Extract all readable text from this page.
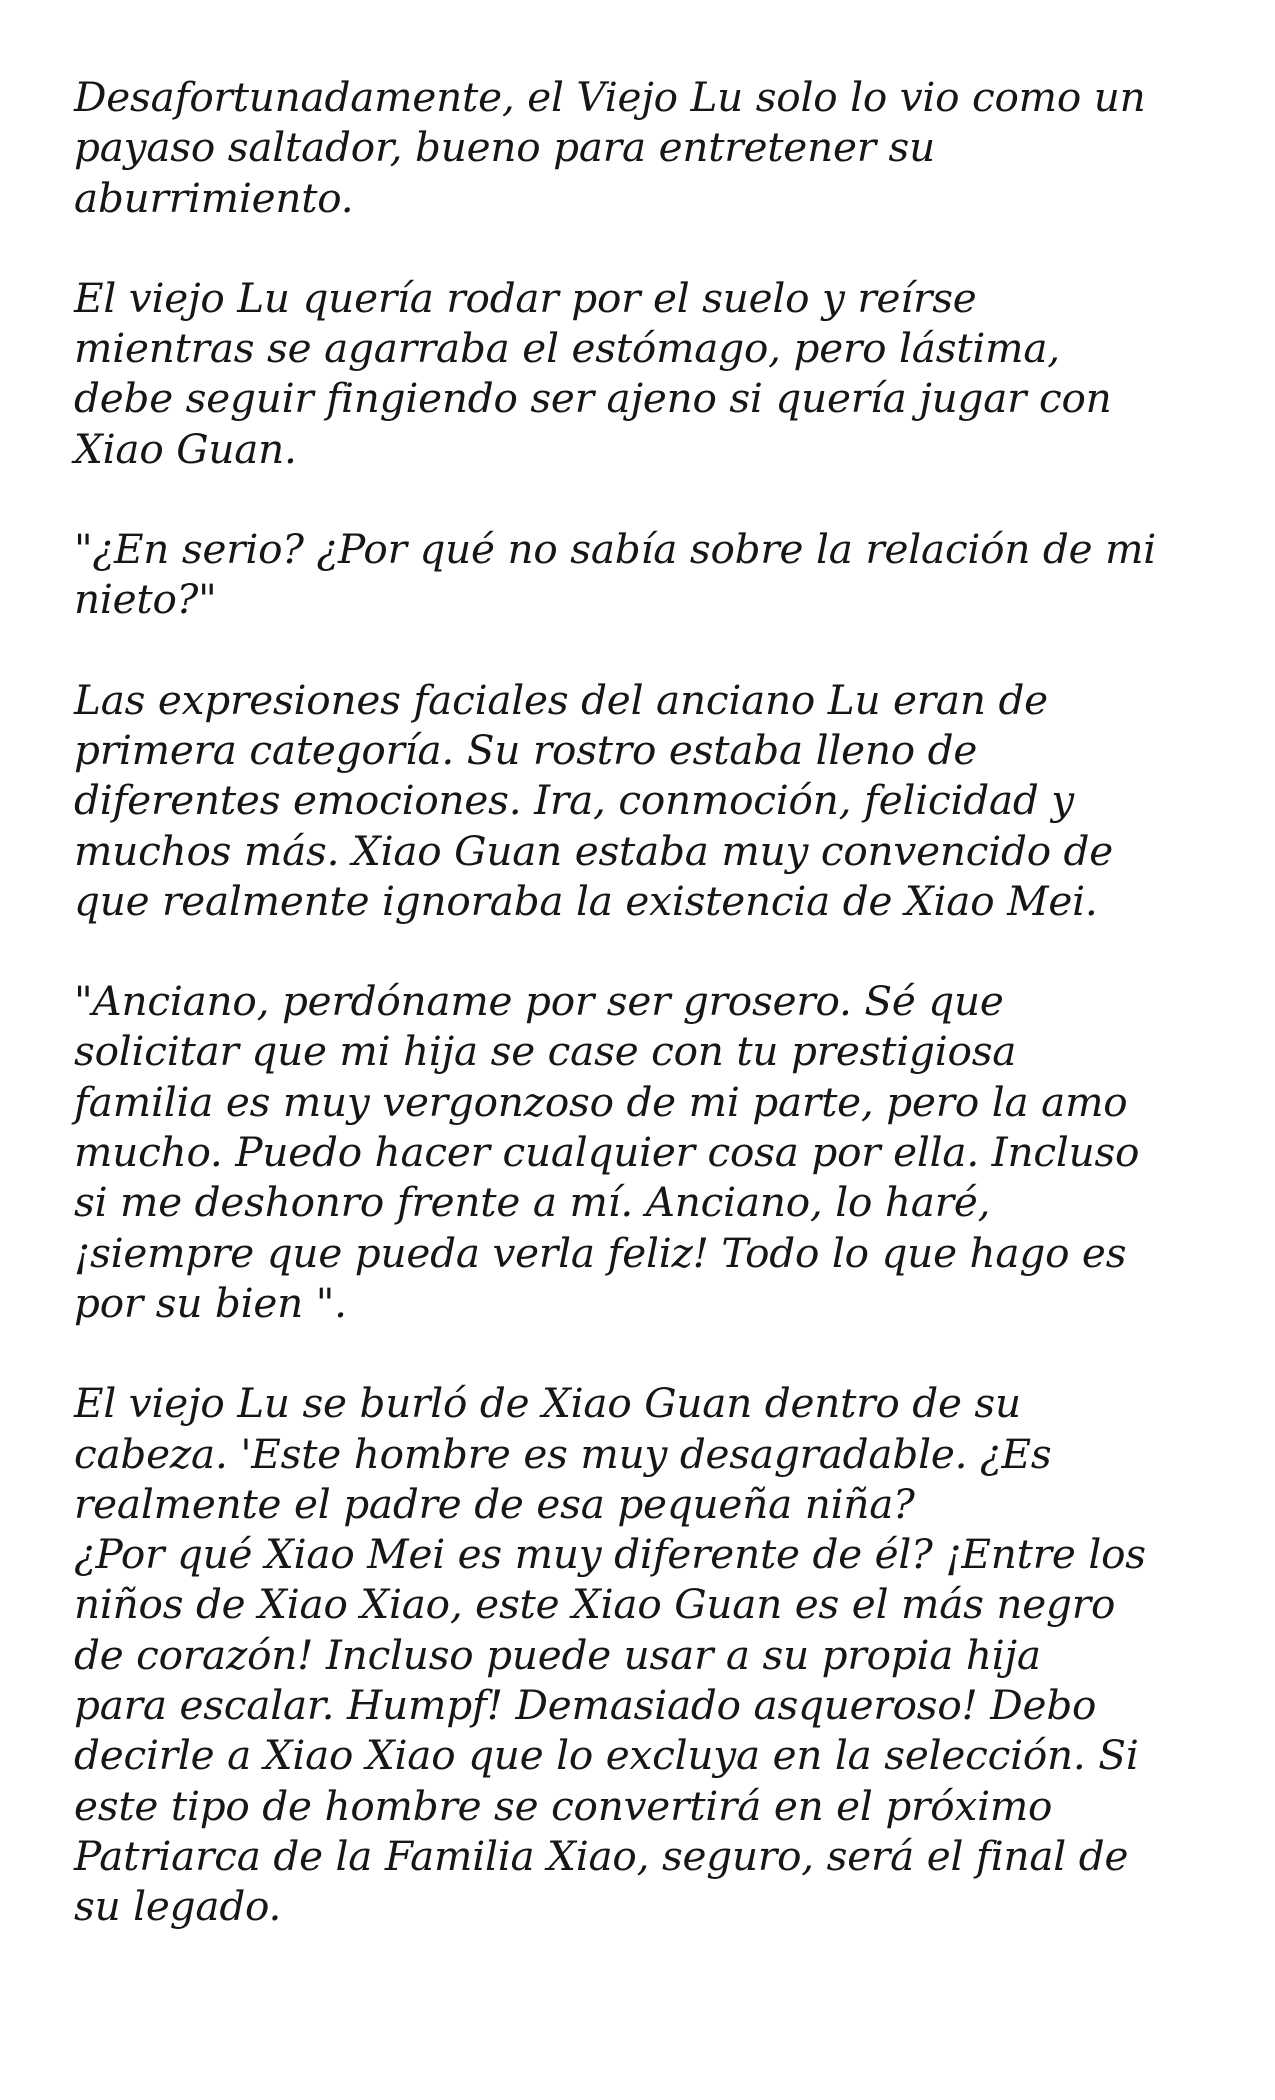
Desafortunadamente, el Viejo Lu solo lo vio como un
payaso saltador, bueno para entretener su
aburrimiento.
El viejo Lu quería rodar por el suelo y reírse
mientras se agarraba el estómago, pero lástima,
debe seguir fingiendo ser ajeno si quería jugar con
Xiao Guan.
"¿En serio? ¿Por qué no sabía sobre la relación de mi
nieto?"
Las expresiones faciales del anciano Lu eran de
primera categoría. Su rostro estaba lleno de
diferentes emociones. Ira, conmoción, felicidad y
muchos más. Xiao Guan estaba muy convencido de
que realmente ignoraba la existencia de Xiao Mei.
"Anciano, perdóname por ser grosero. Sé que
solicitar que mi hija se case con tu prestigiosa
familia es muy vergonzoso de mi parte, pero la amo
mucho. Puedo hacer cualquier cosa por ella. Incluso
si me deshonro frente a mí. Anciano, lo haré,
¡siempre que pueda verla feliz! Todo lo que hago es
por su bien ".
El viejo Lu se burló de Xiao Guan dentro de su
cabeza. 'Este hombre es muy desagradable. ¿Es
realmente el padre de esa pequeña niña?
¿Por qué Xiao Mei es muy diferente de él? ¡Entre los
niños de Xiao Xiao, este Xiao Guan es el más negro
de corazón! Incluso puede usar a su propia hija
para escalar. Humpf! Demasiado asqueroso! Debo
decirle a Xiao Xiao que lo excluya en la selección. Si
este tipo de hombre se convertirá en el próximo
Patriarca de la Familia Xiao, seguro, será el final de
su legado.
